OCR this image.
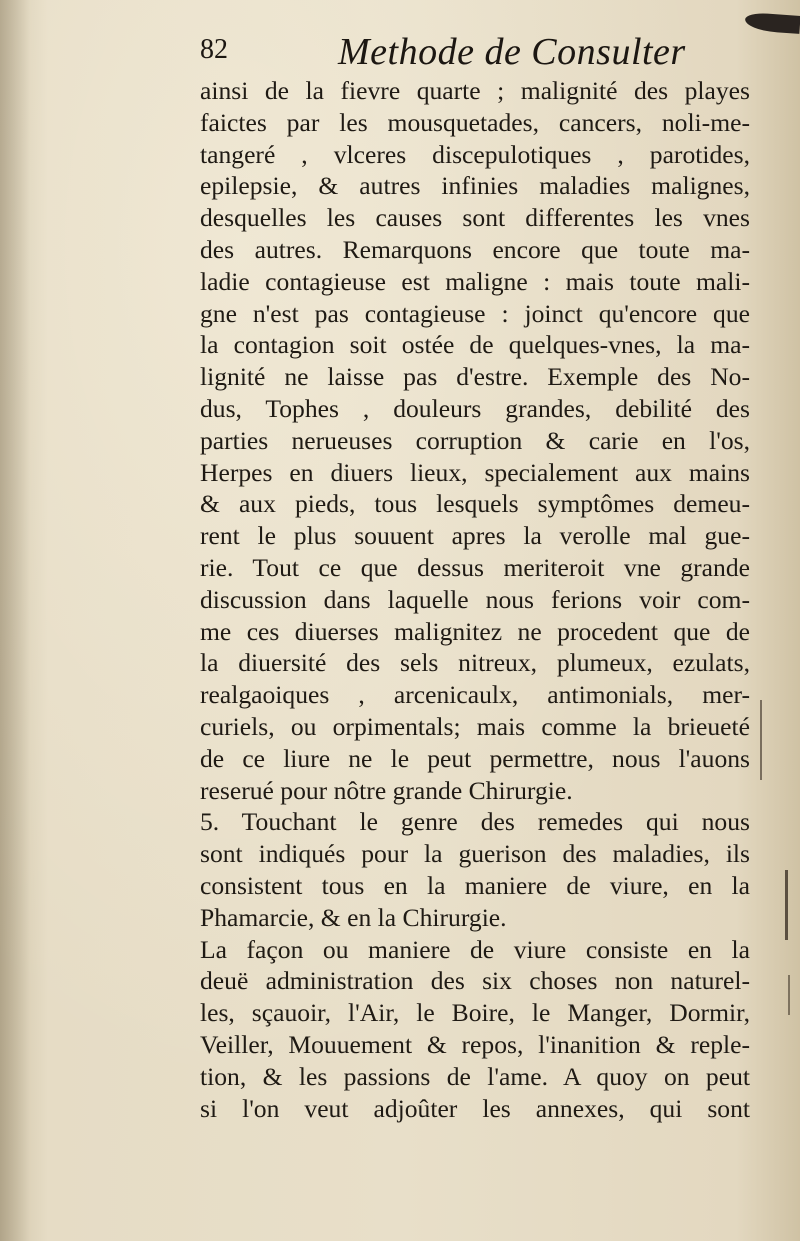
82	Methode de Consulter
ainsi de la fievre quarte ; malignité des playes
faictes par les mousquetades, cancers, noli-me-
tangeré , vlceres discepulotiques , parotides,
epilepsie, & autres infinies maladies malignes,
desquelles les causes sont differentes les vnes
des autres. Remarquons encore que toute ma-
ladie contagieuse est maligne : mais toute mali-
gne n'est pas contagieuse : joinct qu'encore que
la contagion soit ostée de quelques-vnes, la ma-
lignité ne laisse pas d'estre. Exemple des No-
dus, Tophes , douleurs grandes, debilité des
parties nerueuses corruption & carie en l'os,
Herpes en diuers lieux, specialement aux mains
& aux pieds, tous lesquels symptômes demeu-
rent le plus souuent apres la verolle mal gue-
rie. Tout ce que dessus meriteroit vne grande
discussion dans laquelle nous ferions voir com-
me ces diuerses malignitez ne procedent que de
la diuersité des sels nitreux, plumeux, ezulats,
realgaoiques , arcenicaulx, antimonials, mer-
curiels, ou orpimentals; mais comme la brieueté
de ce liure ne le peut permettre, nous l'auons
reserué pour nôtre grande Chirurgie.
5. Touchant le genre des remedes qui nous
sont indiqués pour la guerison des maladies, ils
consistent tous en la maniere de viure, en la
Phamarcie, & en la Chirurgie.
La façon ou maniere de viure consiste en la
deuë administration des six choses non naturel-
les, sçauoir, l'Air, le Boire, le Manger, Dormir,
Veiller, Mouuement & repos, l'inanition & reple-
tion, & les passions de l'ame. A quoy on peut
si l'on veut adjoûter les annexes, qui sont
